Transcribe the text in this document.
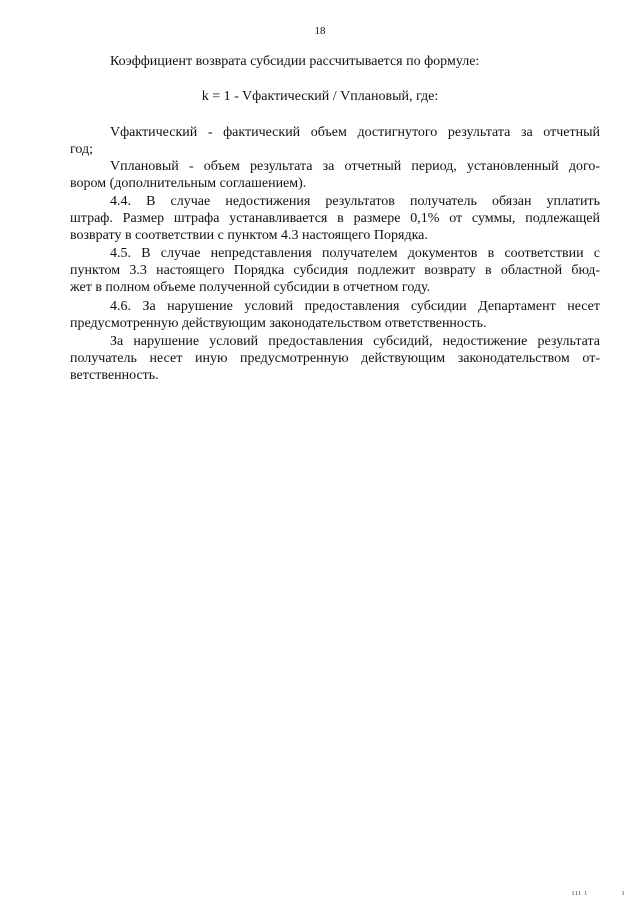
18
Коэффициент возврата субсидии рассчитывается по формуле:
k = 1 - Vфактический / Vплановый, где:
Vфактический - фактический объем достигнутого результата за отчетный
год;
Vплановый - объем результата за отчетный период, установленный дого-
вором (дополнительным соглашением).
4.4. В случае недостижения результатов получатель обязан уплатить
штраф. Размер штрафа устанавливается в размере 0,1% от суммы, подлежащей
возврату в соответствии с пунктом 4.3 настоящего Порядка.
4.5. В случае непредставления получателем документов в соответствии с
пунктом 3.3 настоящего Порядка субсидия подлежит возврату в областной бюд-
жет в полном объеме полученной субсидии в отчетном году.
4.6. За нарушение условий предоставления субсидии Департамент несет
предусмотренную действующим законодательством ответственность.
За нарушение условий предоставления субсидий, недостижение результата
получатель несет иную предусмотренную действующим законодательством от-
ветственность.
ııı ı	ı
